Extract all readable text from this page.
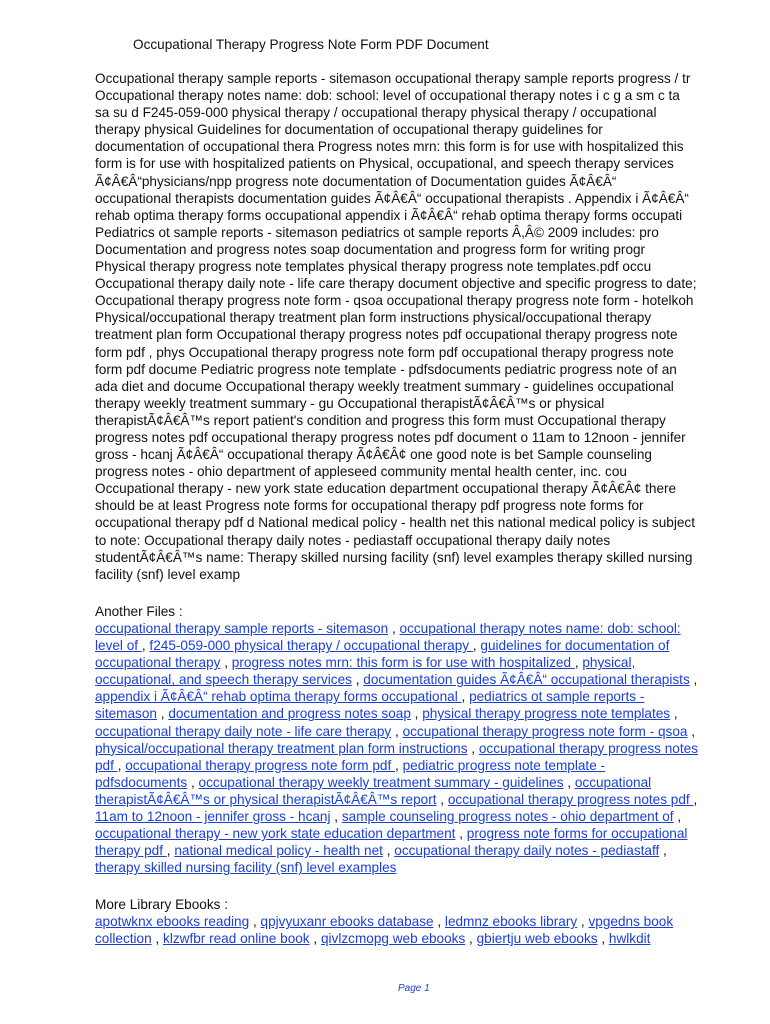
Occupational Therapy Progress Note Form PDF Document
Occupational therapy sample reports - sitemason occupational therapy sample reports progress / tr
Occupational therapy notes name: dob: school: level of occupational therapy notes i c g a sm c ta
sa su d F245-059-000 physical therapy / occupational therapy physical therapy / occupational
therapy physical Guidelines for documentation of occupational therapy guidelines for
documentation of occupational thera Progress notes mrn: this form is for use with hospitalized this
form is for use with hospitalized patients on Physical, occupational, and speech therapy services
Ã¢Â€Â“physicians/npp progress note documentation of Documentation guides Ã¢Â€Â“
occupational therapists documentation guides Ã¢Â€Â“ occupational therapists . Appendix i Ã¢Â€Â“
rehab optima therapy forms occupational appendix i Ã¢Â€Â“ rehab optima therapy forms occupati
Pediatrics ot sample reports - sitemason pediatrics ot sample reports Â,Â© 2009 includes: pro
Documentation and progress notes soap documentation and progress form for writing progr
Physical therapy progress note templates physical therapy progress note templates.pdf occu
Occupational therapy daily note - life care therapy document objective and specific progress to date;
Occupational therapy progress note form - qsoa occupational therapy progress note form - hotelkoh
Physical/occupational therapy treatment plan form instructions physical/occupational therapy
treatment plan form Occupational therapy progress notes pdf occupational therapy progress note
form pdf , phys Occupational therapy progress note form pdf occupational therapy progress note
form pdf docume Pediatric progress note template - pdfsdocuments pediatric progress note of an
ada diet and docume Occupational therapy weekly treatment summary - guidelines occupational
therapy weekly treatment summary - gu Occupational therapistÃ¢Â€Â™s or physical
therapistÃ¢Â€Â™s report patient's condition and progress this form must Occupational therapy
progress notes pdf occupational therapy progress notes pdf document o 11am to 12noon - jennifer
gross - hcanj Ã¢Â€Â“ occupational therapy Ã¢Â€Â¢ one good note is bet Sample counseling
progress notes - ohio department of appleseed community mental health center, inc. cou
Occupational therapy - new york state education department occupational therapy Ã¢Â€Â¢ there
should be at least Progress note forms for occupational therapy pdf progress note forms for
occupational therapy pdf d National medical policy - health net this national medical policy is subject
to note: Occupational therapy daily notes - pediastaff occupational therapy daily notes
studentÃ¢Â€Â™s name: Therapy skilled nursing facility (snf) level examples therapy skilled nursing
facility (snf) level examp
Another Files :
occupational therapy sample reports - sitemason , occupational therapy notes name: dob: school:
level of , f245-059-000 physical therapy / occupational therapy , guidelines for documentation of
occupational therapy , progress notes mrn: this form is for use with hospitalized , physical,
occupational, and speech therapy services , documentation guides Ã¢Â€Â“ occupational therapists ,
appendix i Ã¢Â€Â“ rehab optima therapy forms occupational , pediatrics ot sample reports -
sitemason , documentation and progress notes soap , physical therapy progress note templates ,
occupational therapy daily note - life care therapy , occupational therapy progress note form - qsoa ,
physical/occupational therapy treatment plan form instructions , occupational therapy progress notes
pdf , occupational therapy progress note form pdf , pediatric progress note template -
pdfsdocuments , occupational therapy weekly treatment summary - guidelines , occupational
therapistÃ¢Â€Â™s or physical therapistÃ¢Â€Â™s report , occupational therapy progress notes pdf ,
11am to 12noon - jennifer gross - hcanj , sample counseling progress notes - ohio department of ,
occupational therapy - new york state education department , progress note forms for occupational
therapy pdf , national medical policy - health net , occupational therapy daily notes - pediastaff ,
therapy skilled nursing facility (snf) level examples
More Library Ebooks :
apotwknx ebooks reading , qpjvyuxanr ebooks database , ledmnz ebooks library , vpgedns book
collection , klzwfbr read online book , qivlzcmopg web ebooks , gbiertju web ebooks , hwlkdit
Page 1
